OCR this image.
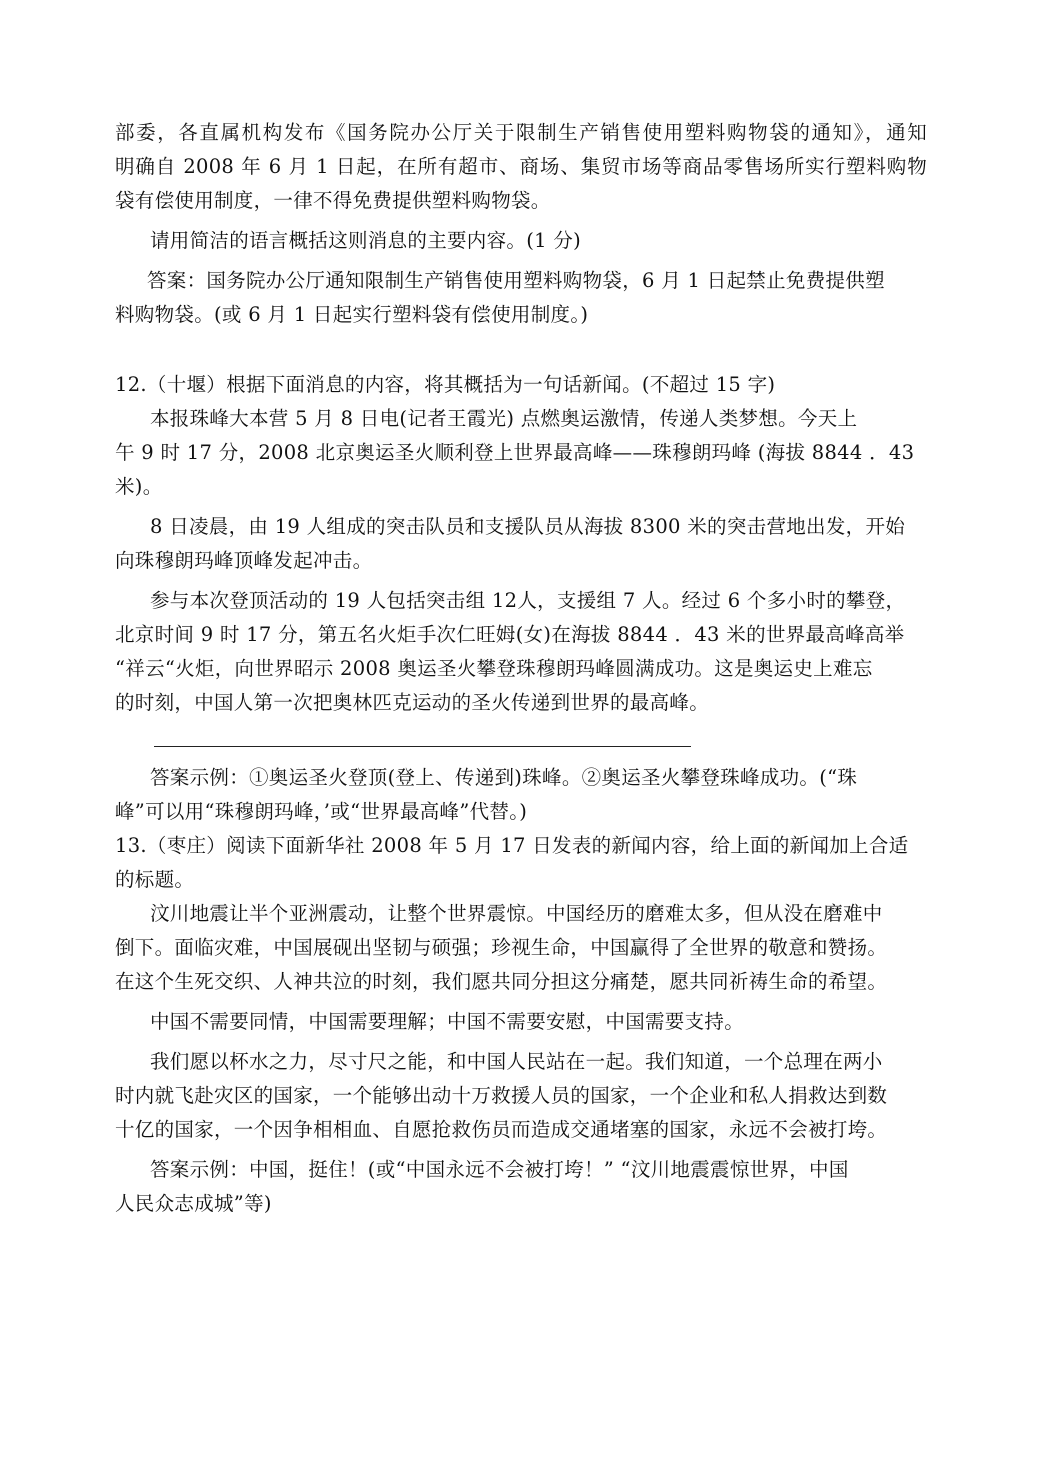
部委，各直属机构发布《国务院办公厅关于限制生产销售使用塑料购物袋的通知》，通知
明确自 2008 年 6 月 1 日起，在所有超市、商场、集贸市场等商品零售场所实行塑料购物
袋有偿使用制度，一律不得免费提供塑料购物袋。
请用简洁的语言概括这则消息的主要内容。(1 分)
答案：国务院办公厅通知限制生产销售使用塑料购物袋，6 月 1 日起禁止免费提供塑
料购物袋。(或 6 月 1 日起实行塑料袋有偿使用制度。)
12.（十堰）根据下面消息的内容，将其概括为一句话新闻。(不超过 15 字)
本报珠峰大本营 5 月 8 日电(记者王霞光) 点燃奥运激情，传递人类梦想。今天上
午 9 时 17 分，2008 北京奥运圣火顺利登上世界最高峰——珠穆朗玛峰 (海拔 8844 ．43
米)。
8 日凌晨，由 19 人组成的突击队员和支援队员从海拔 8300 米的突击营地出发，开始
向珠穆朗玛峰顶峰发起冲击。
参与本次登顶活动的 19 人包括突击组 12人，支援组 7 人。经过 6 个多小时的攀登，
北京时间 9 时 17 分，第五名火炬手次仁旺姆(女)在海拔 8844 ．43 米的世界最高峰高举
“祥云“火炬，向世界昭示 2008 奥运圣火攀登珠穆朗玛峰圆满成功。这是奥运史上难忘
的时刻，中国人第一次把奥林匹克运动的圣火传递到世界的最高峰。
答案示例：①奥运圣火登顶(登上、传递到)珠峰。②奥运圣火攀登珠峰成功。(“珠
峰”可以用“珠穆朗玛峰，’或“世界最高峰”代替。)
13.（枣庄）阅读下面新华社 2008 年 5 月 17 日发表的新闻内容，给上面的新闻加上合适
的标题。
汶川地震让半个亚洲震动，让整个世界震惊。中国经历的磨难太多，但从没在磨难中
倒下。面临灾难，中国展砚出坚韧与硕强；珍视生命，中国赢得了全世界的敬意和赞扬。
在这个生死交织、人神共泣的时刻，我们愿共同分担这分痛楚，愿共同祈祷生命的希望。
中国不需要同情，中国需要理解；中国不需要安慰，中国需要支持。
我们愿以杯水之力，尽寸尺之能，和中国人民站在一起。我们知道，一个总理在两小
时内就飞赴灾区的国家，一个能够出动十万救援人员的国家，一个企业和私人捐救达到数
十亿的国家，一个因争相相血、自愿抢救伤员而造成交通堵塞的国家，永远不会被打垮。
答案示例：中国，挺住！(或“中国永远不会被打垮！” “汶川地震震惊世界，中国
人民众志成城”等)
